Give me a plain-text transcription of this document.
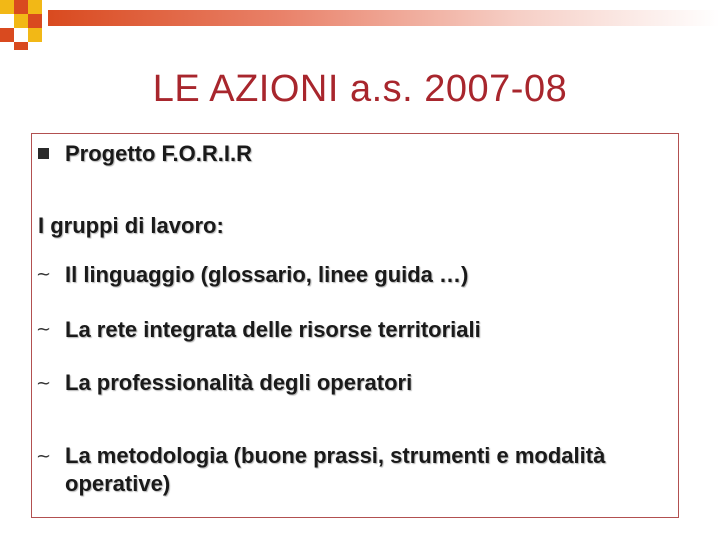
LE AZIONI a.s. 2007-08
Progetto F.O.R.I.R
I gruppi di lavoro:
~ Il linguaggio (glossario, linee guida …)
~ La rete integrata delle risorse territoriali
~ La professionalità degli operatori
~ La metodologia (buone prassi, strumenti e modalità operative)
